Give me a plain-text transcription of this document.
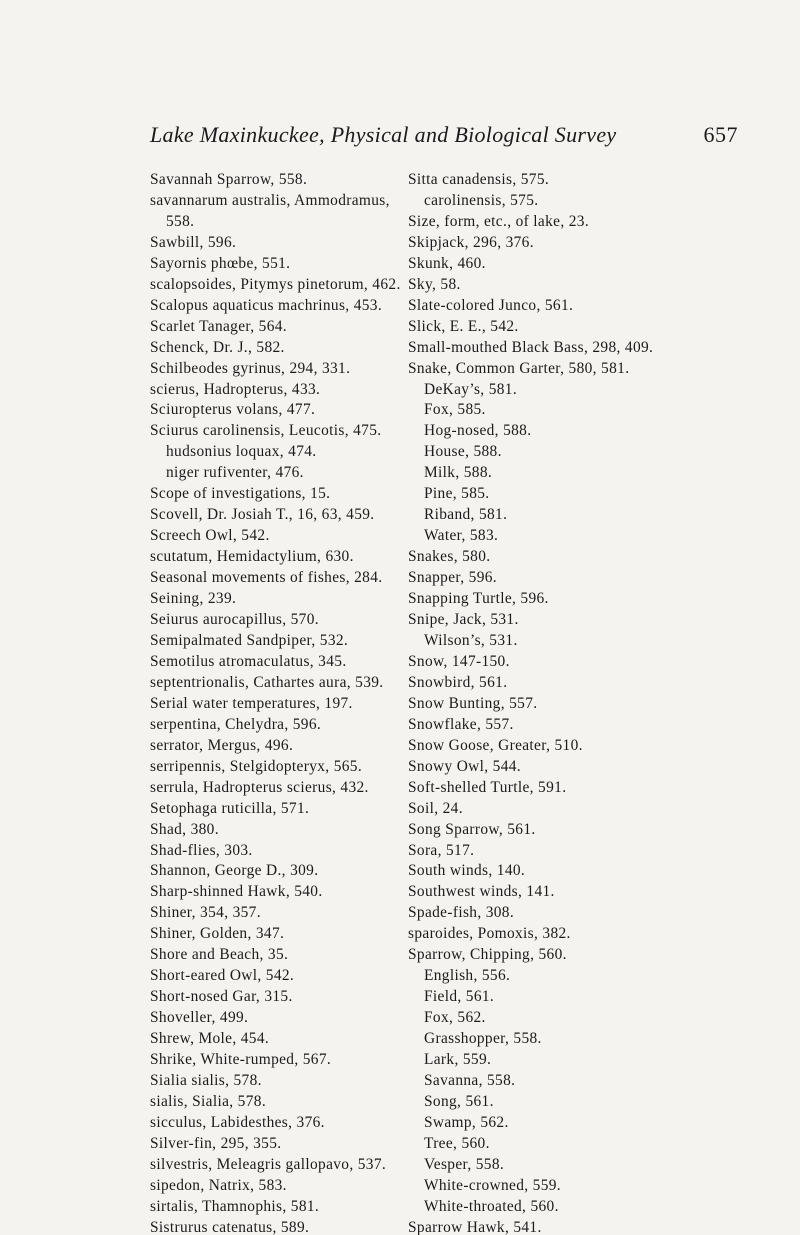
Lake Maxinkuckee, Physical and Biological Survey	657
Savannah Sparrow, 558.
savannarum australis, Ammodramus,
558.
Sawbill, 596.
Sayornis phœbe, 551.
scalopsoides, Pitymys pinetorum, 462.
Scalopus aquaticus machrinus, 453.
Scarlet Tanager, 564.
Schenck, Dr. J., 582.
Schilbeodes gyrinus, 294, 331.
scierus, Hadropterus, 433.
Sciuropterus volans, 477.
Sciurus carolinensis, Leucotis, 475.
hudsonius loquax, 474.
niger rufiventer, 476.
Scope of investigations, 15.
Scovell, Dr. Josiah T., 16, 63, 459.
Screech Owl, 542.
scutatum, Hemidactylium, 630.
Seasonal movements of fishes, 284.
Seining, 239.
Seiurus aurocapillus, 570.
Semipalmated Sandpiper, 532.
Semotilus atromaculatus, 345.
septentrionalis, Cathartes aura, 539.
Serial water temperatures, 197.
serpentina, Chelydra, 596.
serrator, Mergus, 496.
serripennis, Stelgidopteryx, 565.
serrula, Hadropterus scierus, 432.
Setophaga ruticilla, 571.
Shad, 380.
Shad-flies, 303.
Shannon, George D., 309.
Sharp-shinned Hawk, 540.
Shiner, 354, 357.
Shiner, Golden, 347.
Shore and Beach, 35.
Short-eared Owl, 542.
Short-nosed Gar, 315.
Shoveller, 499.
Shrew, Mole, 454.
Shrike, White-rumped, 567.
Sialia sialis, 578.
sialis, Sialia, 578.
sicculus, Labidesthes, 376.
Silver-fin, 295, 355.
silvestris, Meleagris gallopavo, 537.
sipedon, Natrix, 583.
sirtalis, Thamnophis, 581.
Sistrurus catenatus, 589.
Sitta canadensis, 575.
carolinensis, 575.
Size, form, etc., of lake, 23.
Skipjack, 296, 376.
Skunk, 460.
Sky, 58.
Slate-colored Junco, 561.
Slick, E. E., 542.
Small-mouthed Black Bass, 298, 409.
Snake, Common Garter, 580, 581.
DeKay’s, 581.
Fox, 585.
Hog-nosed, 588.
House, 588.
Milk, 588.
Pine, 585.
Riband, 581.
Water, 583.
Snakes, 580.
Snapper, 596.
Snapping Turtle, 596.
Snipe, Jack, 531.
Wilson’s, 531.
Snow, 147-150.
Snowbird, 561.
Snow Bunting, 557.
Snowflake, 557.
Snow Goose, Greater, 510.
Snowy Owl, 544.
Soft-shelled Turtle, 591.
Soil, 24.
Song Sparrow, 561.
Sora, 517.
South winds, 140.
Southwest winds, 141.
Spade-fish, 308.
sparoides, Pomoxis, 382.
Sparrow, Chipping, 560.
English, 556.
Field, 561.
Fox, 562.
Grasshopper, 558.
Lark, 559.
Savanna, 558.
Song, 561.
Swamp, 562.
Tree, 560.
Vesper, 558.
White-crowned, 559.
White-throated, 560.
Sparrow Hawk, 541.
